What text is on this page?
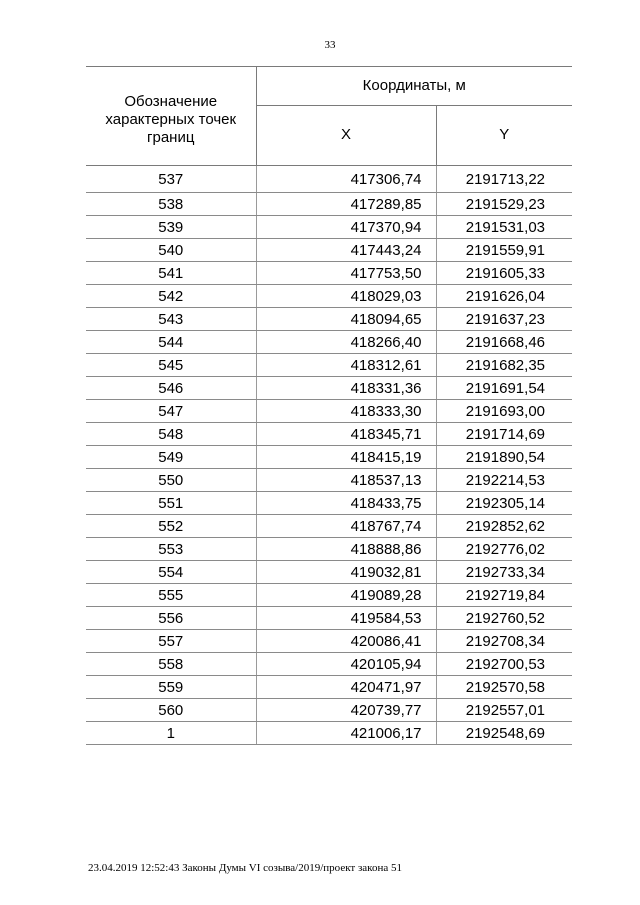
33
Обозначение характерных точек границ	Координаты, м	
	X	Y
537	417306,74	2191713,22
538	417289,85	2191529,23
539	417370,94	2191531,03
540	417443,24	2191559,91
541	417753,50	2191605,33
542	418029,03	2191626,04
543	418094,65	2191637,23
544	418266,40	2191668,46
545	418312,61	2191682,35
546	418331,36	2191691,54
547	418333,30	2191693,00
548	418345,71	2191714,69
549	418415,19	2191890,54
550	418537,13	2192214,53
551	418433,75	2192305,14
552	418767,74	2192852,62
553	418888,86	2192776,02
554	419032,81	2192733,34
555	419089,28	2192719,84
556	419584,53	2192760,52
557	420086,41	2192708,34
558	420105,94	2192700,53
559	420471,97	2192570,58
560	420739,77	2192557,01
1	421006,17	2192548,69
23.04.2019 12:52:43 Законы Думы VI созыва/2019/проект закона 51
